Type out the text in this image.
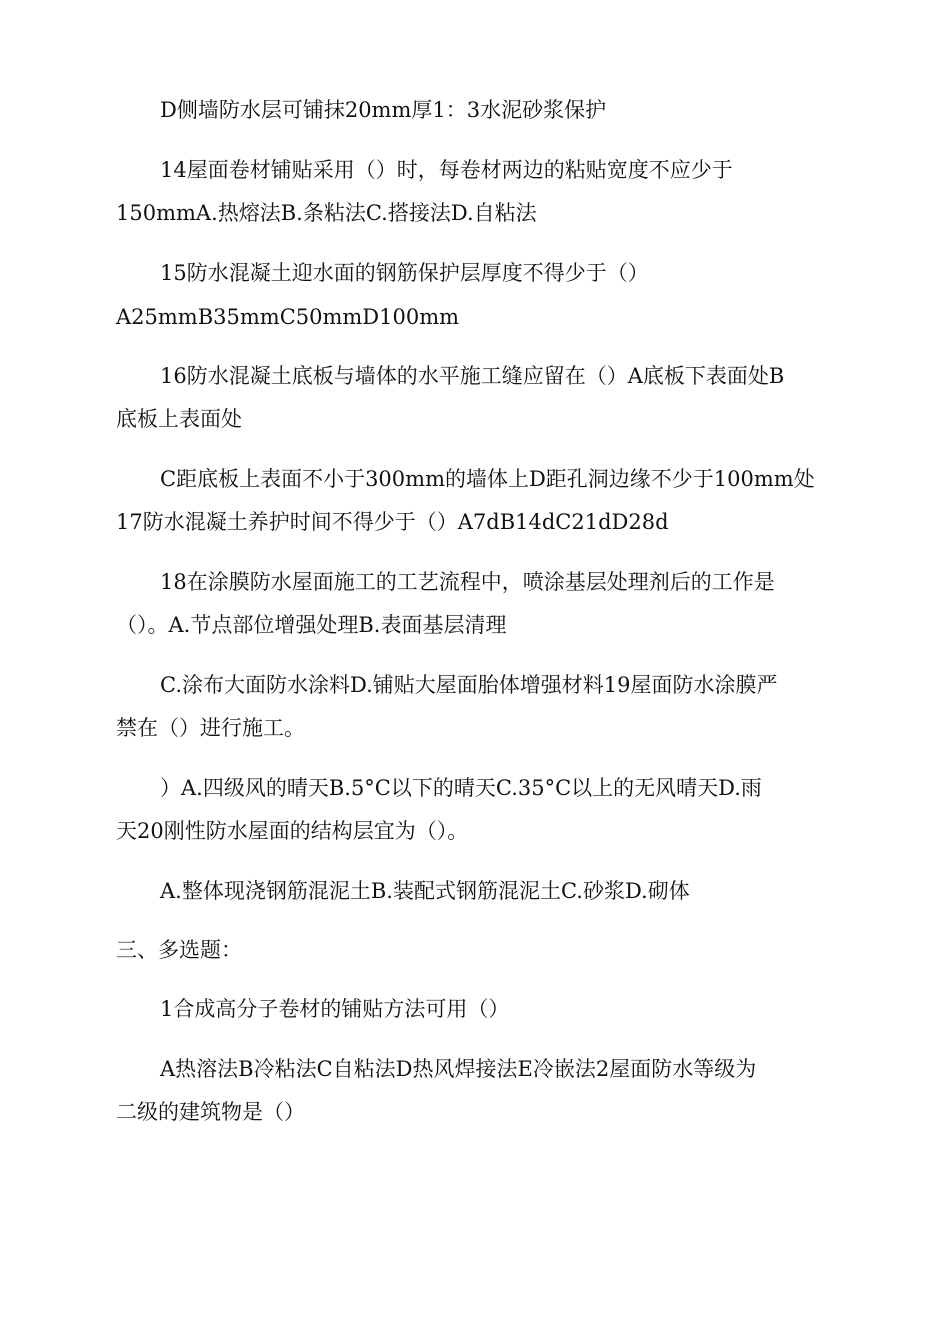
D侧墙防水层可铺抹20mm厚1：3水泥砂浆保护
14屋面卷材铺贴采用（）时，每卷材两边的粘贴宽度不应少于
150mmA.热熔法B.条粘法C.搭接法D.自粘法
15防水混凝土迎水面的钢筋保护层厚度不得少于（）
A25mmB35mmC50mmD100mm
16防水混凝土底板与墙体的水平施工缝应留在（）A底板下表面处B
底板上表面处
C距底板上表面不小于300mm的墙体上D距孔洞边缘不少于100mm处
17防水混凝土养护时间不得少于（）A7dB14dC21dD28d
18在涂膜防水屋面施工的工艺流程中，喷涂基层处理剂后的工作是
（）。A.节点部位增强处理B.表面基层清理
C.涂布大面防水涂料D.铺贴大屋面胎体增强材料19屋面防水涂膜严
禁在（）进行施工。
）A.四级风的晴天B.5°C以下的晴天C.35°C以上的无风晴天D.雨
天20刚性防水屋面的结构层宜为（）。
A.整体现浇钢筋混泥土B.装配式钢筋混泥土C.砂浆D.砌体
三、多选题：
1合成高分子卷材的铺贴方法可用（）
A热溶法B冷粘法C自粘法D热风焊接法E冷嵌法2屋面防水等级为
二级的建筑物是（）
